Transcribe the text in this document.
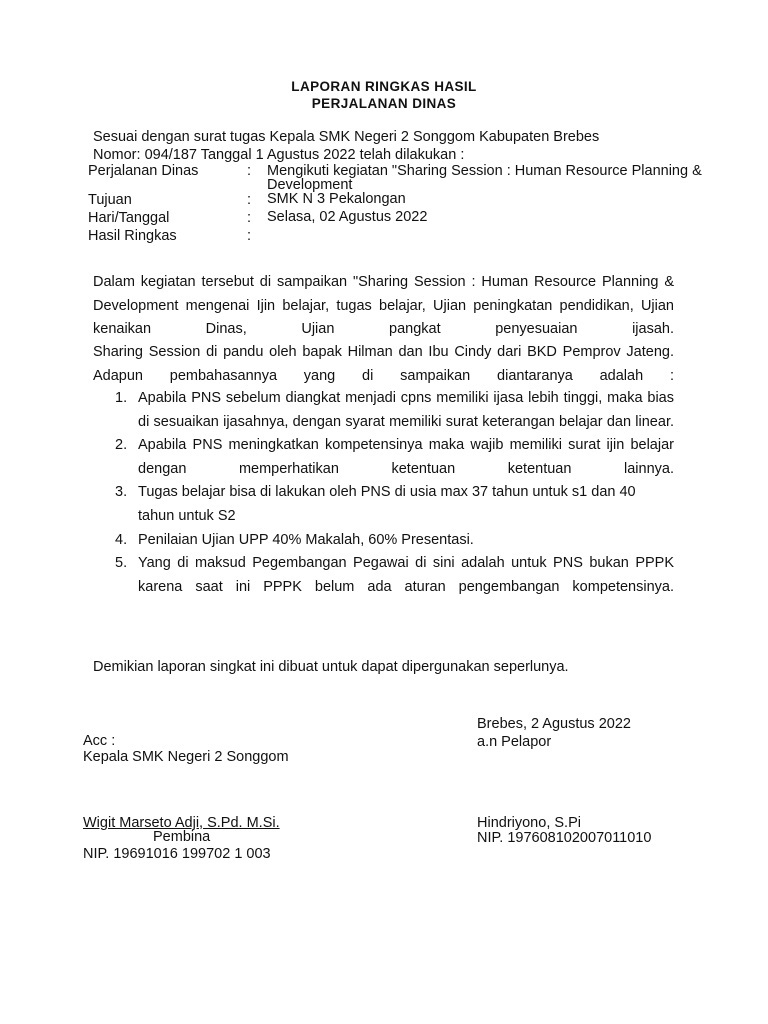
LAPORAN RINGKAS HASIL
PERJALANAN DINAS
Sesuai dengan surat tugas Kepala SMK Negeri 2 Songgom Kabupaten Brebes
Nomor: 094/187 Tanggal 1 Agustus 2022 telah dilakukan :
Perjalanan Dinas	: Mengikuti kegiatan "Sharing Session : Human Resource Planning & Development
Tujuan	: SMK N 3 Pekalongan
Hari/Tanggal	: Selasa, 02 Agustus 2022
Hasil Ringkas	:
Dalam kegiatan tersebut di sampaikan "Sharing Session : Human Resource Planning & Development mengenai Ijin belajar, tugas belajar, Ujian peningkatan pendidikan, Ujian kenaikan Dinas, Ujian pangkat penyesuaian ijasah.
Sharing Session di pandu oleh bapak Hilman dan Ibu Cindy dari BKD Pemprov Jateng. Adapun pembahasannya yang di sampaikan diantaranya adalah :
1. Apabila PNS sebelum diangkat menjadi cpns memiliki ijasa lebih tinggi, maka bias di sesuaikan ijasahnya, dengan syarat memiliki surat keterangan belajar dan linear.
2. Apabila PNS meningkatkan kompetensinya maka wajib memiliki surat ijin belajar dengan memperhatikan ketentuan ketentuan lainnya.
3. Tugas belajar bisa di lakukan oleh PNS di usia max 37 tahun untuk s1 dan 40 tahun untuk S2
4. Penilaian Ujian UPP 40% Makalah, 60% Presentasi.
5. Yang di maksud Pegembangan Pegawai di sini adalah untuk PNS bukan PPPK karena saat ini PPPK belum ada aturan pengembangan kompetensinya.
Demikian laporan singkat ini dibuat untuk dapat dipergunakan seperlunya.
Brebes, 2 Agustus 2022
a.n Pelapor
Acc :
Kepala SMK Negeri 2 Songgom
Wigit Marseto Adji, S.Pd. M.Si.
Pembina
NIP. 19691016 199702 1 003
Hindriyono, S.Pi
NIP. 197608102007011010
